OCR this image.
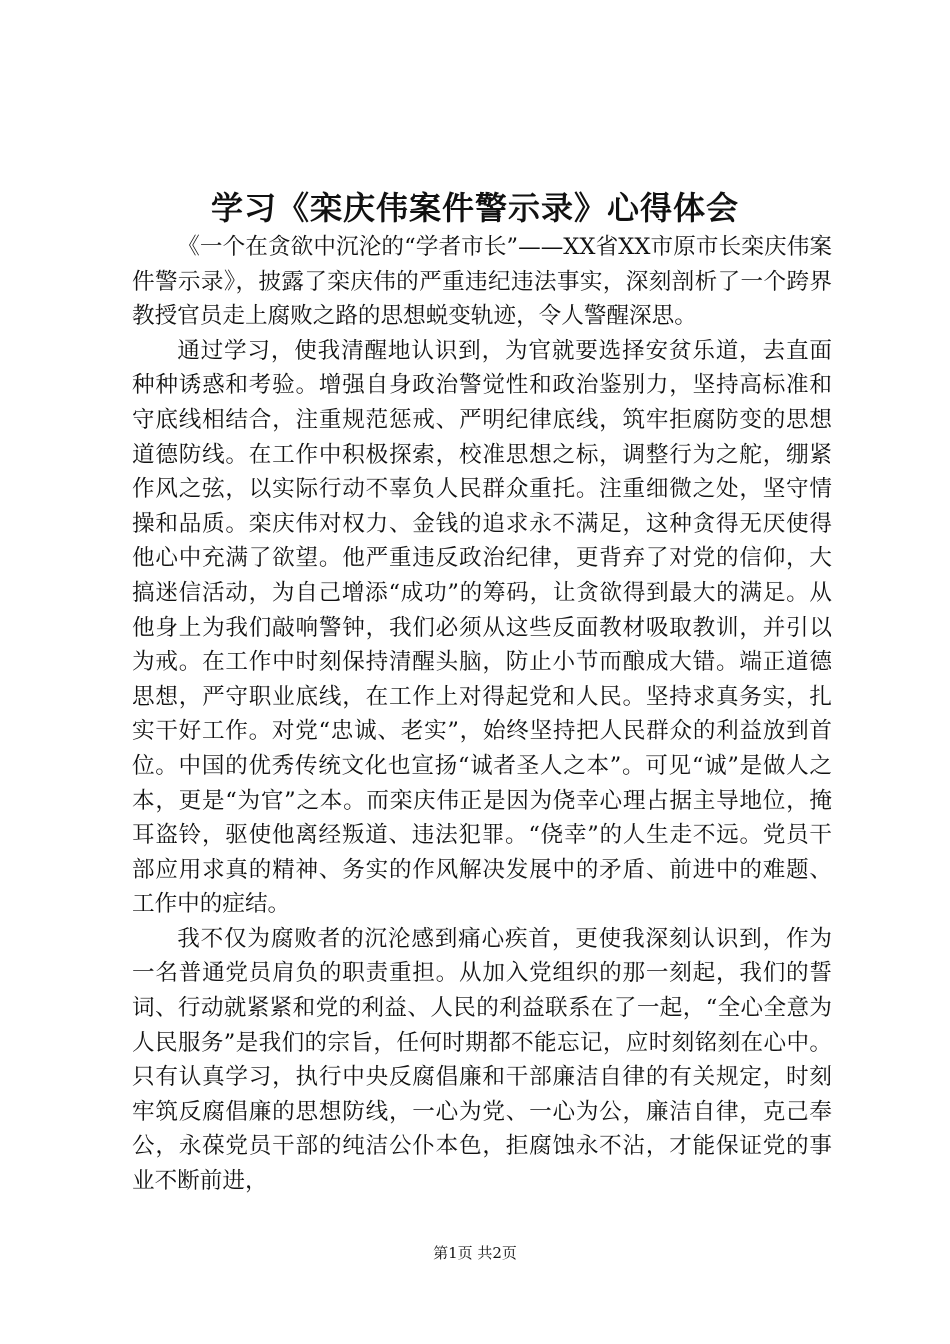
学习《栾庆伟案件警示录》心得体会

《一个在贪欲中沉沦的“学者市长”——XX省XX市原市长栾庆伟案件警示录》，披露了栾庆伟的严重违纪违法事实，深刻剖析了一个跨界教授官员走上腐败之路的思想蜕变轨迹，令人警醒深思。

通过学习，使我清醒地认识到，为官就要选择安贫乐道，去直面种种诱惑和考验。增强自身政治警觉性和政治鉴别力，坚持高标准和守底线相结合，注重规范惩戒、严明纪律底线，筑牢拒腐防变的思想道德防线。在工作中积极探索，校准思想之标，调整行为之舵，绷紧作风之弦，以实际行动不辜负人民群众重托。注重细微之处，坚守情操和品质。栾庆伟对权力、金钱的追求永不满足，这种贪得无厌使得他心中充满了欲望。他严重违反政治纪律，更背弃了对党的信仰，大搞迷信活动，为自己增添“成功”的筹码，让贪欲得到最大的满足。从他身上为我们敲响警钟，我们必须从这些反面教材吸取教训，并引以为戒。在工作中时刻保持清醒头脑，防止小节而酿成大错。端正道德思想，严守职业底线，在工作上对得起党和人民。坚持求真务实，扎实干好工作。对党“忠诚、老实”，始终坚持把人民群众的利益放到首位。中国的优秀传统文化也宣扬“诚者圣人之本”。可见“诚”是做人之本，更是“为官”之本。而栾庆伟正是因为侥幸心理占据主导地位，掩耳盗铃，驱使他离经叛道、违法犯罪。“侥幸”的人生走不远。党员干部应用求真的精神、务实的作风解决发展中的矛盾、前进中的难题、工作中的症结。

我不仅为腐败者的沉沦感到痛心疾首，更使我深刻认识到，作为一名普通党员肩负的职责重担。从加入党组织的那一刻起，我们的誓词、行动就紧紧和党的利益、人民的利益联系在了一起，“全心全意为人民服务”是我们的宗旨，任何时期都不能忘记，应时刻铭刻在心中。只有认真学习，执行中央反腐倡廉和干部廉洁自律的有关规定，时刻牢筑反腐倡廉的思想防线，一心为党、一心为公，廉洁自律，克己奉公，永葆党员干部的纯洁公仆本色，拒腐蚀永不沾，才能保证党的事业不断前进，

第1页 共2页
